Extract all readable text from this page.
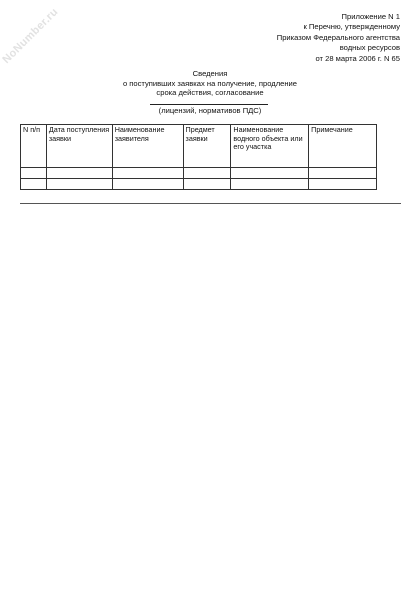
NoNumber.ru	Приложение N 1
к Перечню, утвержденному
Приказом Федерального агентства
водных ресурсов
от 28 марта 2006 г. N 65
Сведения
о поступивших заявках на получение, продление
срока действия, согласование
(лицензий, нормативов ПДС)
N п/п	Дата поступления заявки	Наименование заявителя	Предмет заявки	Наименование водного объекта или его участка	Примечание
